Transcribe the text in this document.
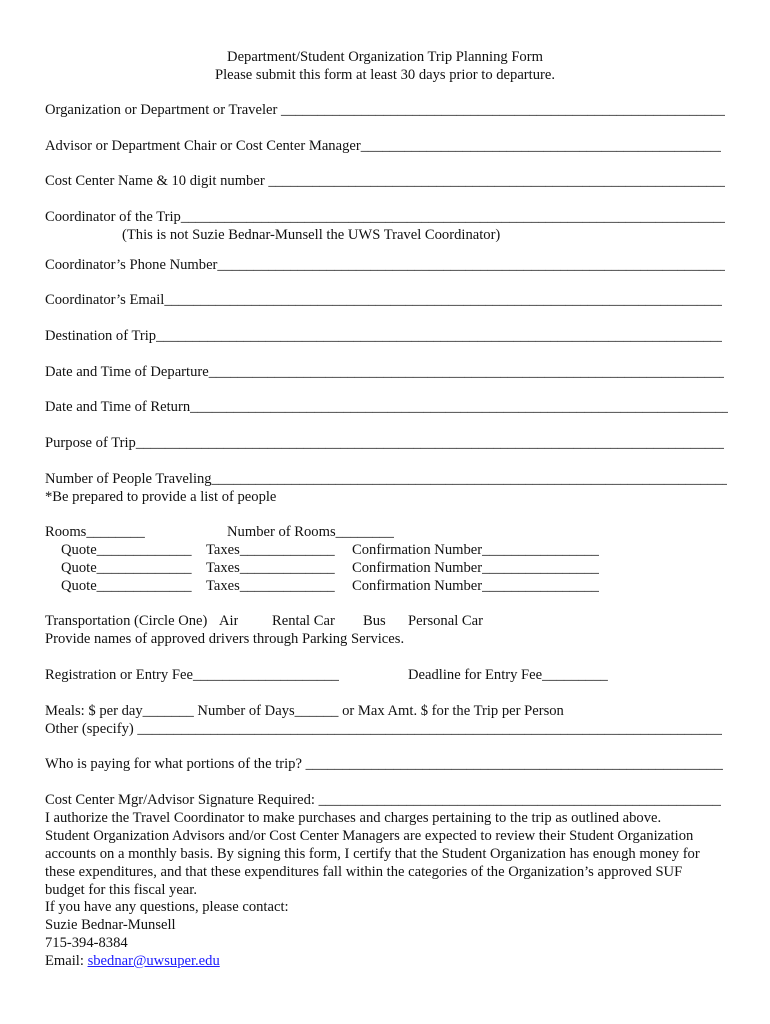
Department/Student Organization Trip Planning Form
Please submit this form at least 30 days prior to departure.
Organization or Department or Traveler _____
Advisor or Department Chair or Cost Center Manager _____
Cost Center Name & 10 digit number _____
Coordinator of the Trip _____
(This is not Suzie Bednar-Munsell the UWS Travel Coordinator)
Coordinator’s Phone Number _____
Coordinator’s Email _____
Destination of Trip _____
Date and Time of Departure _____
Date and Time of Return _____
Purpose of Trip _____
Number of People Traveling _____
*Be prepared to provide a list of people
Rooms ________	Number of Rooms ________
Quote _____	Taxes _____	Confirmation Number _____
Quote _____	Taxes _____	Confirmation Number _____
Quote _____	Taxes _____	Confirmation Number _____
Transportation (Circle One) Air Rental Car Bus Personal Car
Provide names of approved drivers through Parking Services.
Registration or Entry Fee _____	Deadline for Entry Fee _____
Meals: $ per day _______	Number of Days ______	or Max Amt. $ for the Trip per Person
Other (specify) _____
Who is paying for what portions of the trip? _____
Cost Center Mgr/Advisor Signature Required: _____
I authorize the Travel Coordinator to make purchases and charges pertaining to the trip as outlined above.
Student Organization Advisors and/or Cost Center Managers are expected to review their Student Organization
accounts on a monthly basis. By signing this form, I certify that the Student Organization has enough money for
these expenditures, and that these expenditures fall within the categories of the Organization’s approved SUF
budget for this fiscal year.
If you have any questions, please contact:
Suzie Bednar-Munsell
715-394-8384
Email: sbednar@uwsuper.edu
